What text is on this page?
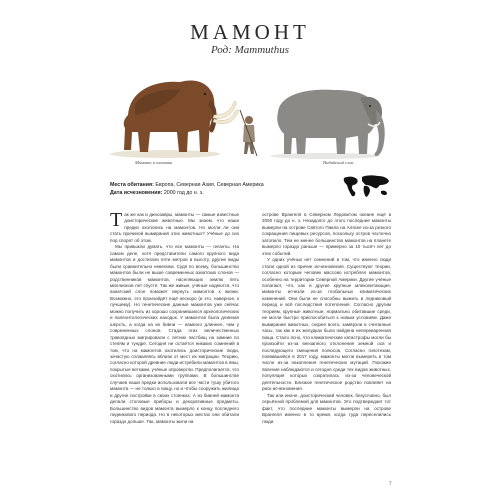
МАМОНТ
Род: Mammuthus
Мамонт и охотник	Индийский слон
Места обитания: Европа, Северная Азия, Северная Америка
Дата исчезновения: 2000 год до н. э.

Так же как и динозавры, мамонты — самые известные доисторические животные. Мы знаем, что наши предки охотились на мамонтов. Но могли ли они стать причиной вымирания этих животных? Учёные до сих пор спорят об этом.

Мы привыкли думать, что все мамонты — гиганты. На самом деле, хотя представители самого крупного вида мамонтов и достигали пяти метров в высоту, другие виды были сравнительно невелики. Судя по всему, большинство мамонтов были не выше современных азиатских слонов — родственников мамонтов, населяющих землю пять миллионов лет спустя. Так же живые, учёные надеются, что азиатский слон поможет вернуть мамонтов к жизни. Возможно, это произойдёт ещё нескоро (и это, наверное, к лучшему). Но генетические данные мамонтов уже сейчас можно получить из хорошо сохранившихся археологических и палеонтологических находок. У мамонтов была длинная шерсть, а когда на их бивни — намного длиннее, чем у современных слонов. Стада этих величественных травоядных мигрировали с летних пастбищ на зимние по степям и тундре. Сегодня не остаётся никаких сомнений в том, что на мамонтов охотились доисторические люди, зачастую сплавляясь вблизи от мест их миграции. Теорию, согласно которой древние люди истребили мамонтов в ямы, покрытые ветками, учёные опровергли. Предполагается, что охотились организованными группами. В большинстве случаев наши предки использовали все части тушу убитого мамонта — не только в пищу, но и чтобы сооружать жилища и другие постройки в своих стоянках. А из бивней мамонта делали столовые приборы и декоративные предметы. Большинство видов мамонта вымерло к концу последнего ледникового периода. Но в некоторых местах они обитали гораздо дольше. Так, мамонты жили на

острове Врангеля в Северном Ледовитом океане ещё в 2000 году до н. э. Незадолго до этого последние мамонты вымерли на острове Святого Павла на Аляске из-за резкого сокращения пищевых ресурсов, поскольку остров частично затопило. Тем не менее большинство мамонтов на планете вымерло гораздо раньше — примерно за 10 тысяч лет до этих событий.

У одних учёных нет сомнений в том, что именно люди стали одной из причин исчезновения. Существуют теории, согласно которым человек массово истреблял мамонтов, особенно на территории Северной Америки. Другие учёные полагают, что, как и другие крупные млекопитающие, мамонты исчезли из-за глобальных климатических изменений. Они были не способны выжить в ледниковый период и всё последствия потепления. Согласно другим теориям, крупные животные, нормально обитавшие среди, не могли быстро приспособиться к новым условиям. Даже вымирание животных, скорее всего, замёрзли в считанные часы, так как в их желудках была найдена непереваренная пища. Стало ясно, что климатические катастрофы могли бы произойти из-за внезапного отклонения земной оси и последующего смещения полюсов. Согласно гипотезам, появившейся в 2017 году, мамонты могли вымереть в том числе из-за накопления генетических мутаций. Похожие явления наблюдаются и сегодня среди тех видов животных, популяция которых сократилась из-за человеческой деятельности. Близкое генетическое родство повлияет на риск исчезновения.

Так или иначе, доисторический человек, безусловно, был серьёзной проблемой для мамонтов. Это подтверждает тот факт, что последние мамонты вымерли на острове Врангеля именно в то время, когда туда переселились люди.

7
